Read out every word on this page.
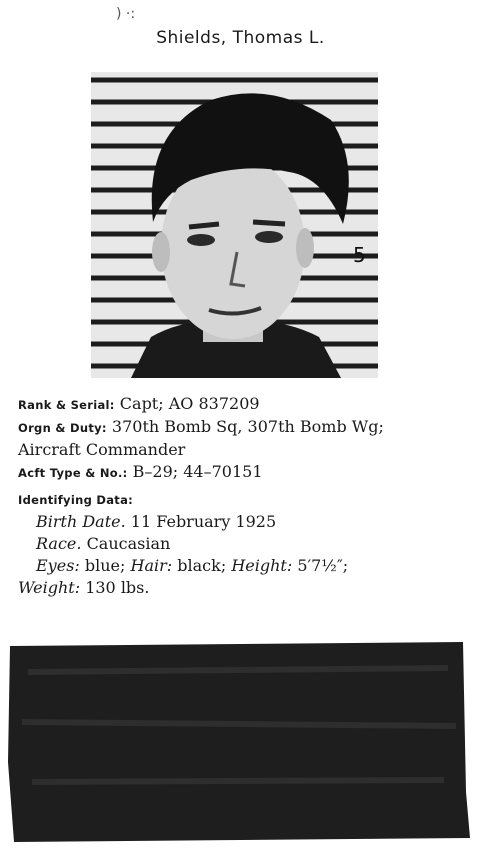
) ·:
Shields, Thomas L.
5
Rank & Serial: Capt; AO 837209
Orgn & Duty: 370th Bomb Sq, 307th Bomb Wg;
Aircraft Commander
Acft Type & No.: B–29; 44–70151
Identifying Data:
Birth Date. 11 February 1925
Race. Caucasian
Eyes: blue; Hair: black; Height: 5′7½″;
Weight: 130 lbs.
